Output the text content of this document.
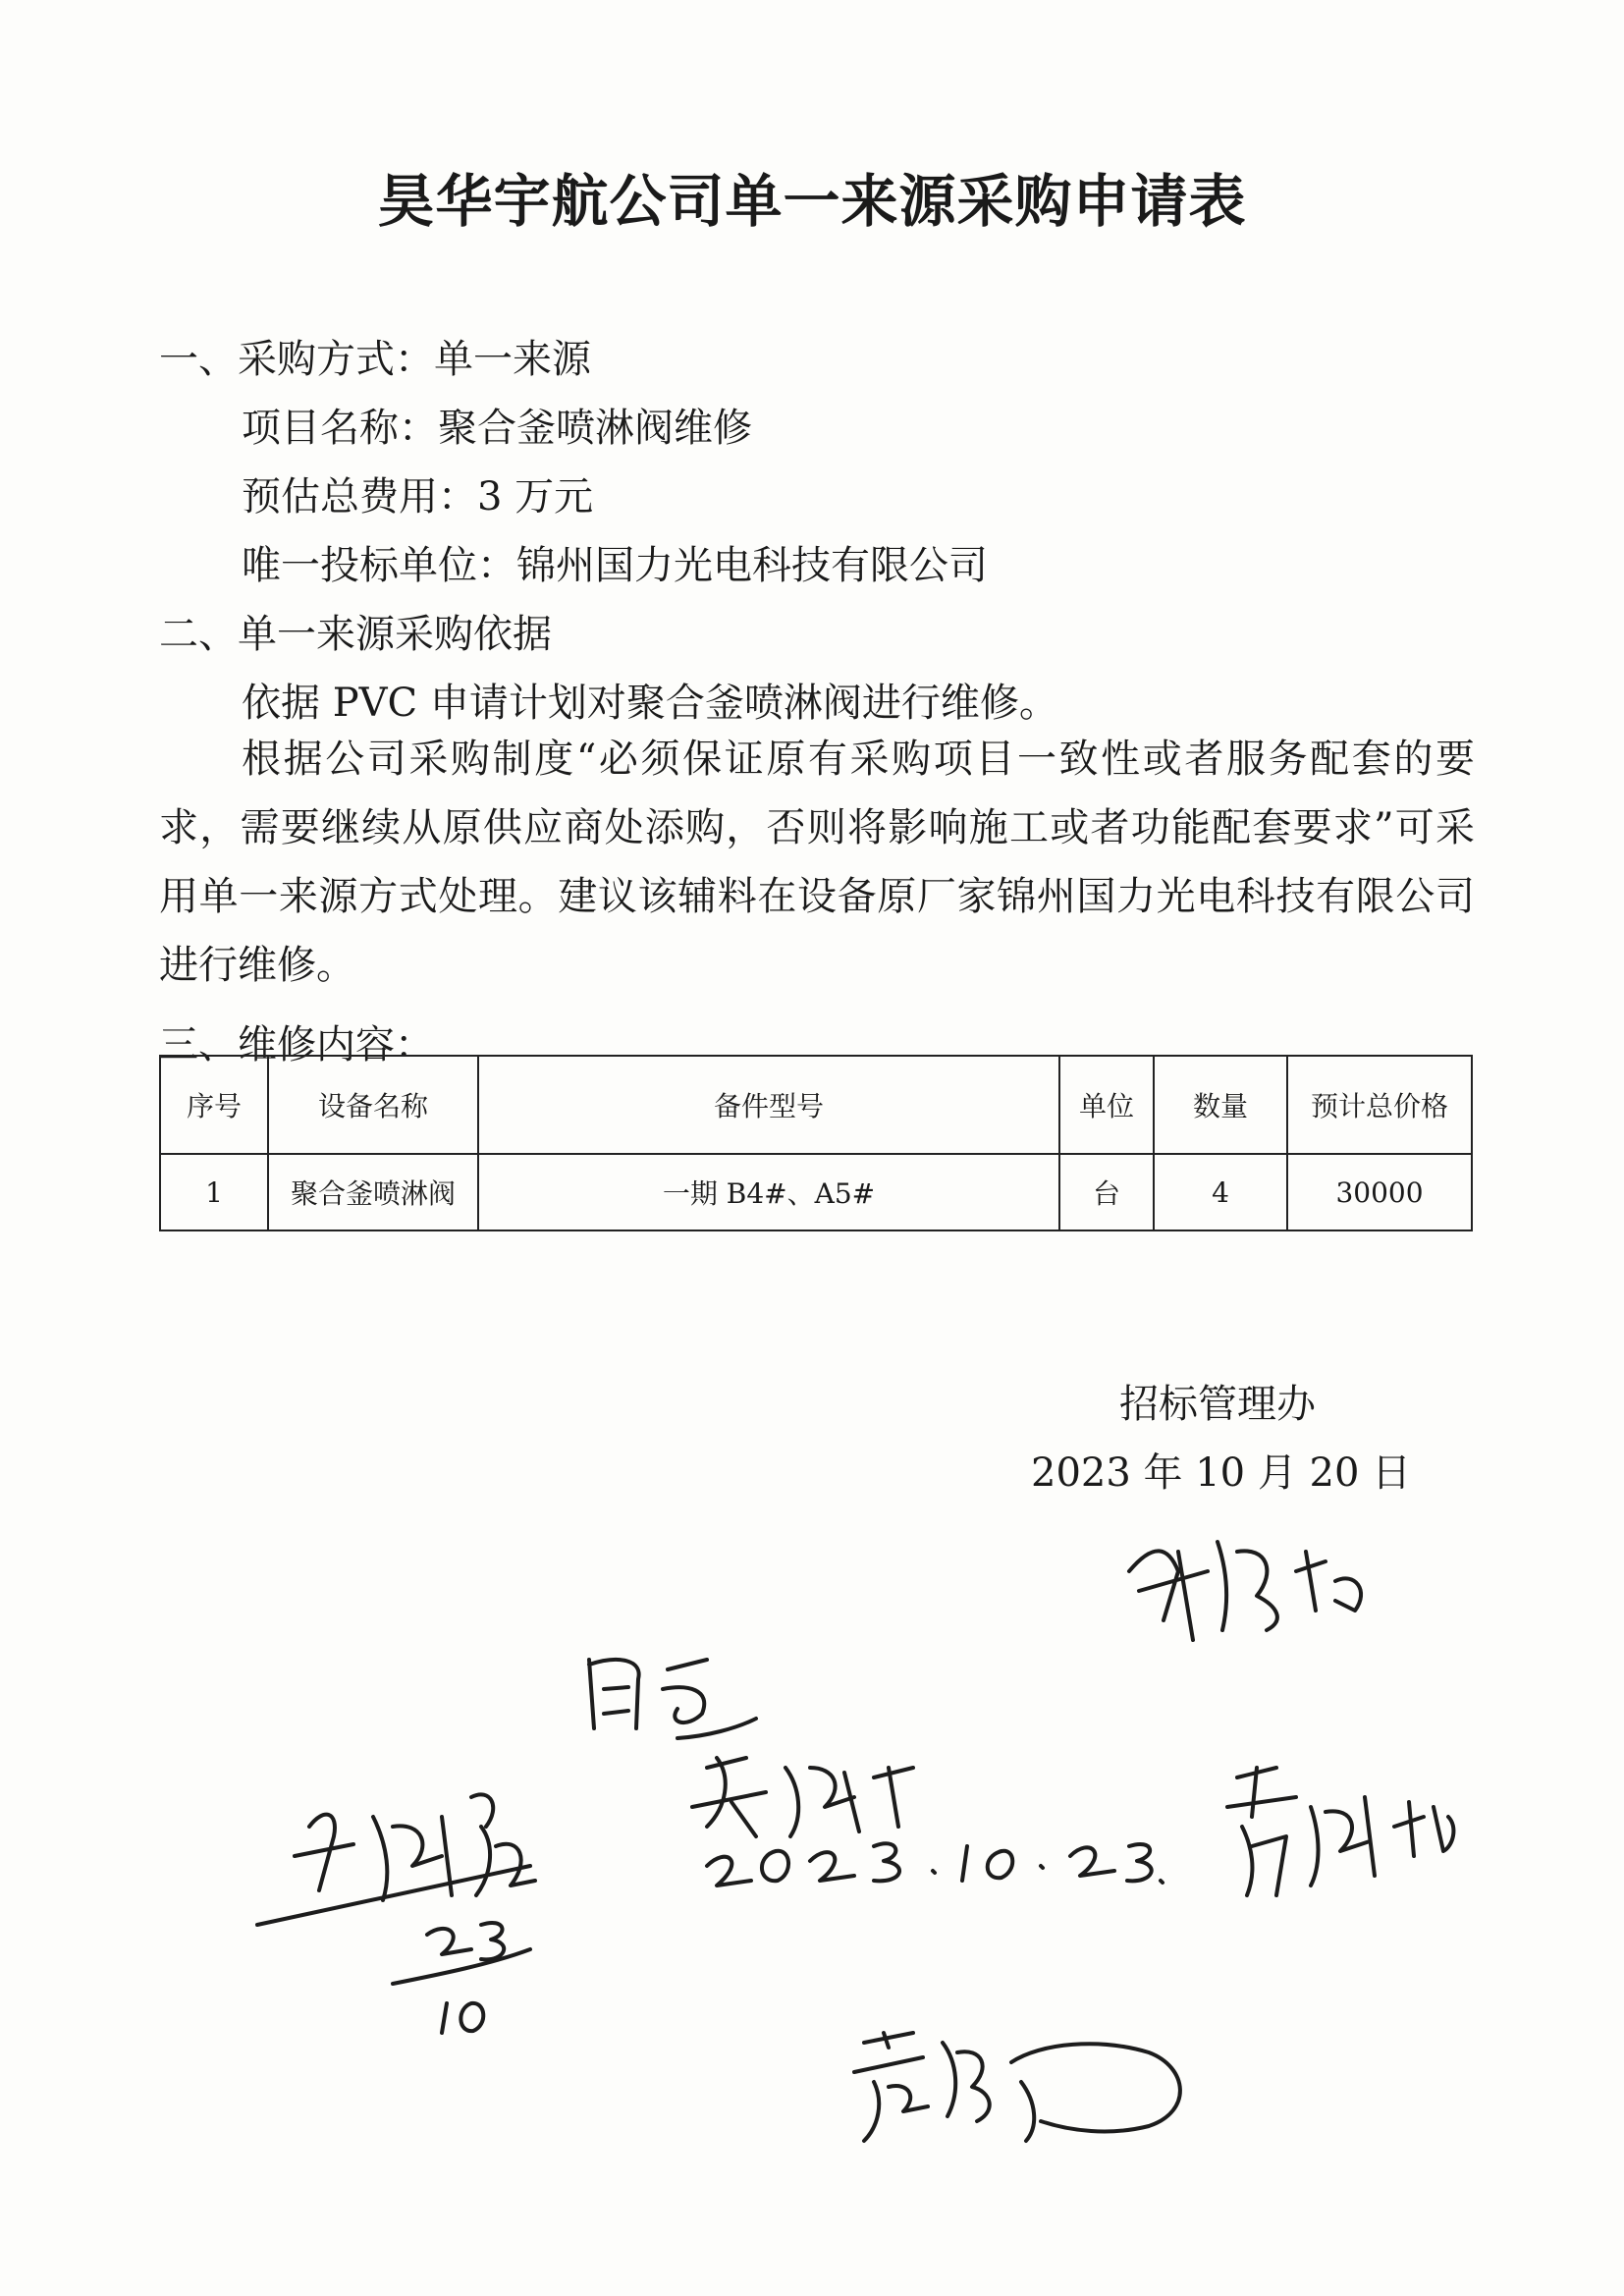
昊华宇航公司单一来源采购申请表
一、采购方式：单一来源
项目名称：聚合釜喷淋阀维修
预估总费用：3 万元
唯一投标单位：锦州国力光电科技有限公司
二、单一来源采购依据
依据 PVC 申请计划对聚合釜喷淋阀进行维修。
根据公司采购制度“必须保证原有采购项目一致性或者服务配套的要求，需要继续从原供应商处添购，否则将影响施工或者功能配套要求”可采用单一来源方式处理。建议该辅料在设备原厂家锦州国力光电科技有限公司进行维修。
三、维修内容：
序号	设备名称	备件型号	单位	数量	预计总价格
1	聚合釜喷淋阀	一期 B4#、A5#	台	4	30000
招标管理办
2023 年 10 月 20 日
